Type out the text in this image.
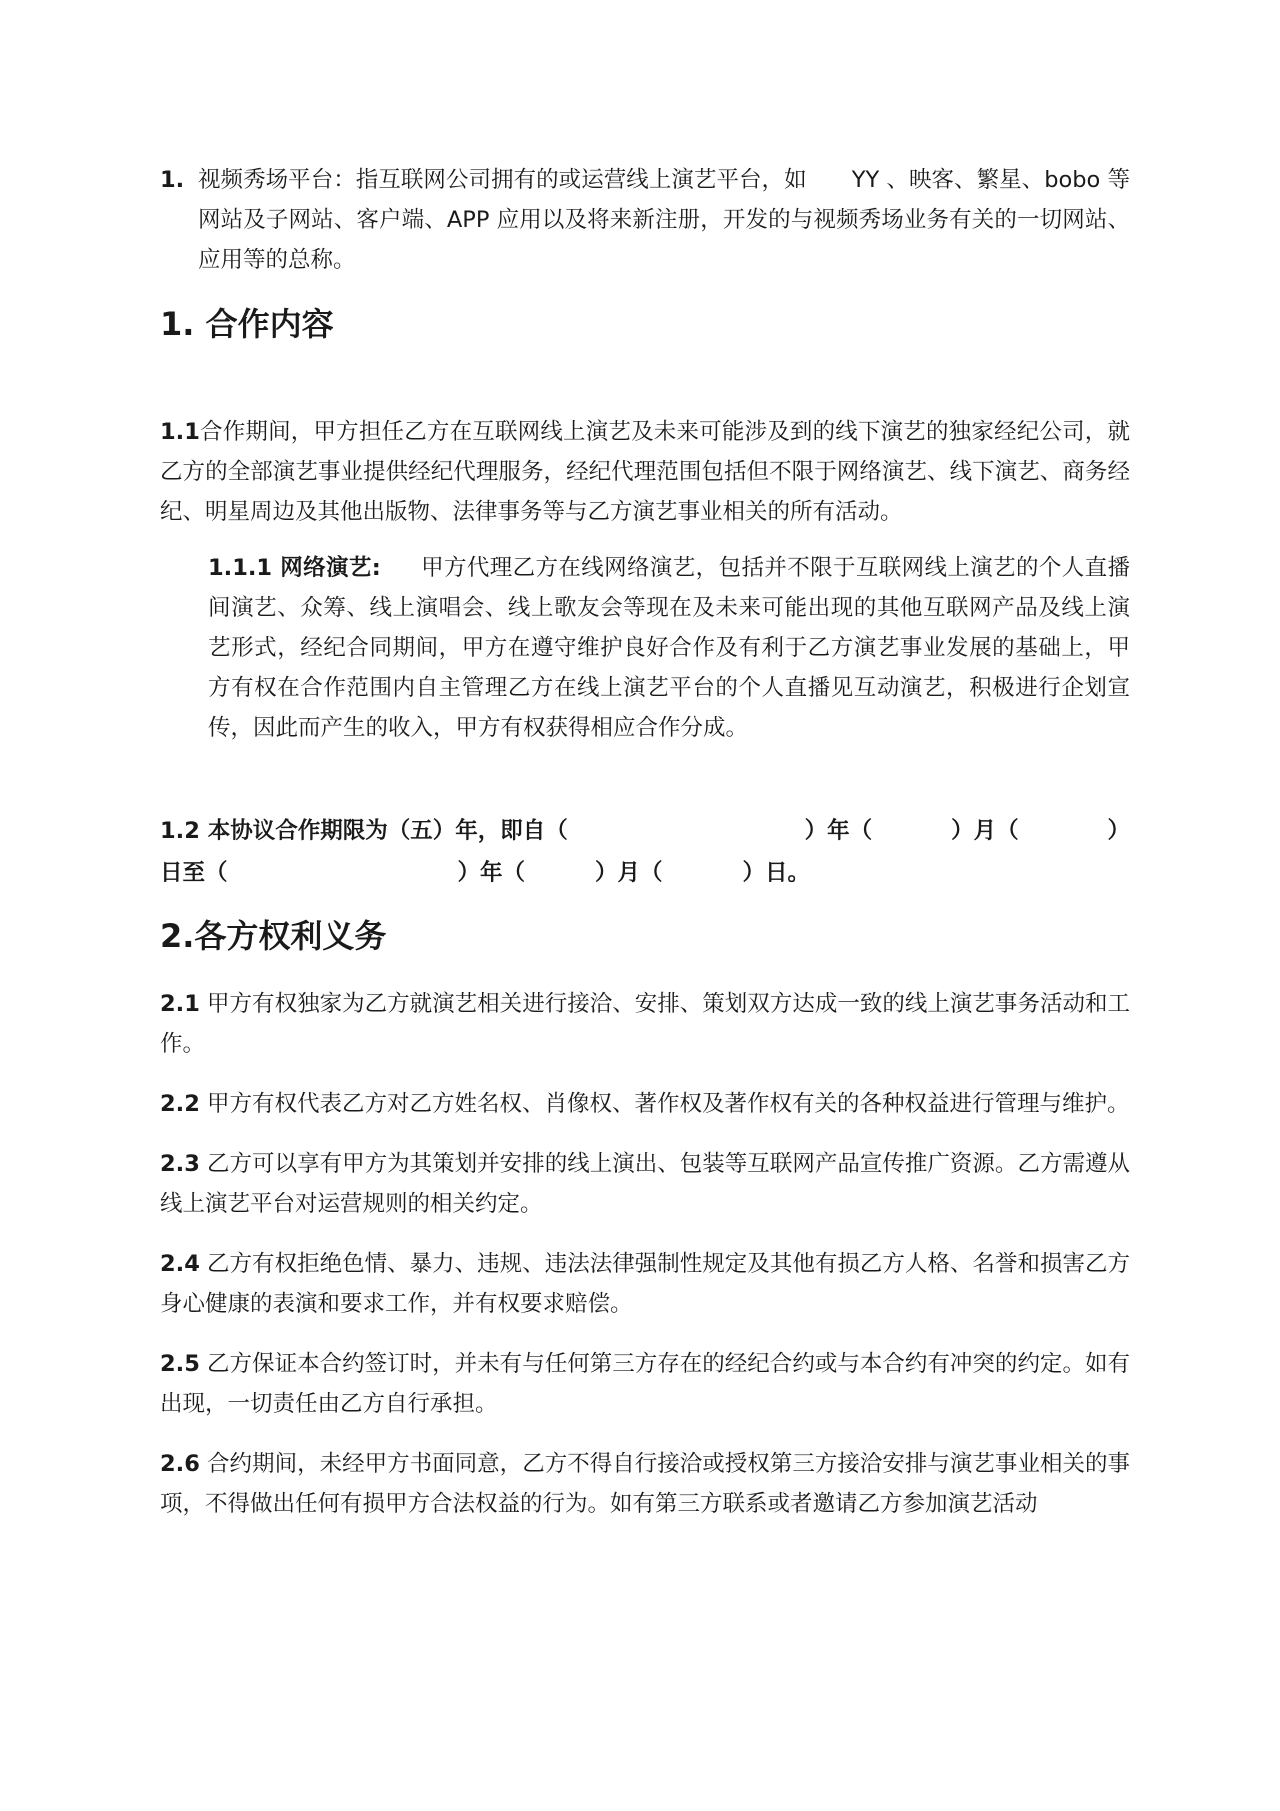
1. 视频秀场平台：指互联网公司拥有的或运营线上演艺平台，如　　YY 、映客、繁星、bobo 等网站及子网站、客户端、APP 应用以及将来新注册，开发的与视频秀场业务有关的一切网站、应用等的总称。
1. 合作内容

1.1合作期间，甲方担任乙方在互联网线上演艺及未来可能涉及到的线下演艺的独家经纪公司，就乙方的全部演艺事业提供经纪代理服务，经纪代理范围包括但不限于网络演艺、线下演艺、商务经纪、明星周边及其他出版物、法律事务等与乙方演艺事业相关的所有活动。

1.1.1 网络演艺: 甲方代理乙方在线网络演艺，包括并不限于互联网线上演艺的个人直播间演艺、众筹、线上演唱会、线上歌友会等现在及未来可能出现的其他互联网产品及线上演艺形式，经纪合同期间，甲方在遵守维护良好合作及有利于乙方演艺事业发展的基础上，甲方有权在合作范围内自主管理乙方在线上演艺平台的个人直播见互动演艺，积极进行企划宣传，因此而产生的收入，甲方有权获得相应合作分成。

1.2 本协议合作期限为（五）年，即自（	）年（	）月（	）
日至（	）年（	）月（	）日。
2.各方权利义务

2.1 甲方有权独家为乙方就演艺相关进行接洽、安排、策划双方达成一致的线上演艺事务活动和工作。

2.2 甲方有权代表乙方对乙方姓名权、肖像权、著作权及著作权有关的各种权益进行管理与维护。

2.3 乙方可以享有甲方为其策划并安排的线上演出、包装等互联网产品宣传推广资源。乙方需遵从线上演艺平台对运营规则的相关约定。

2.4 乙方有权拒绝色情、暴力、违规、违法法律强制性规定及其他有损乙方人格、名誉和损害乙方身心健康的表演和要求工作，并有权要求赔偿。

2.5 乙方保证本合约签订时，并未有与任何第三方存在的经纪合约或与本合约有冲突的约定。如有出现，一切责任由乙方自行承担。

2.6 合约期间，未经甲方书面同意，乙方不得自行接洽或授权第三方接洽安排与演艺事业相关的事项，不得做出任何有损甲方合法权益的行为。如有第三方联系或者邀请乙方参加演艺活动
